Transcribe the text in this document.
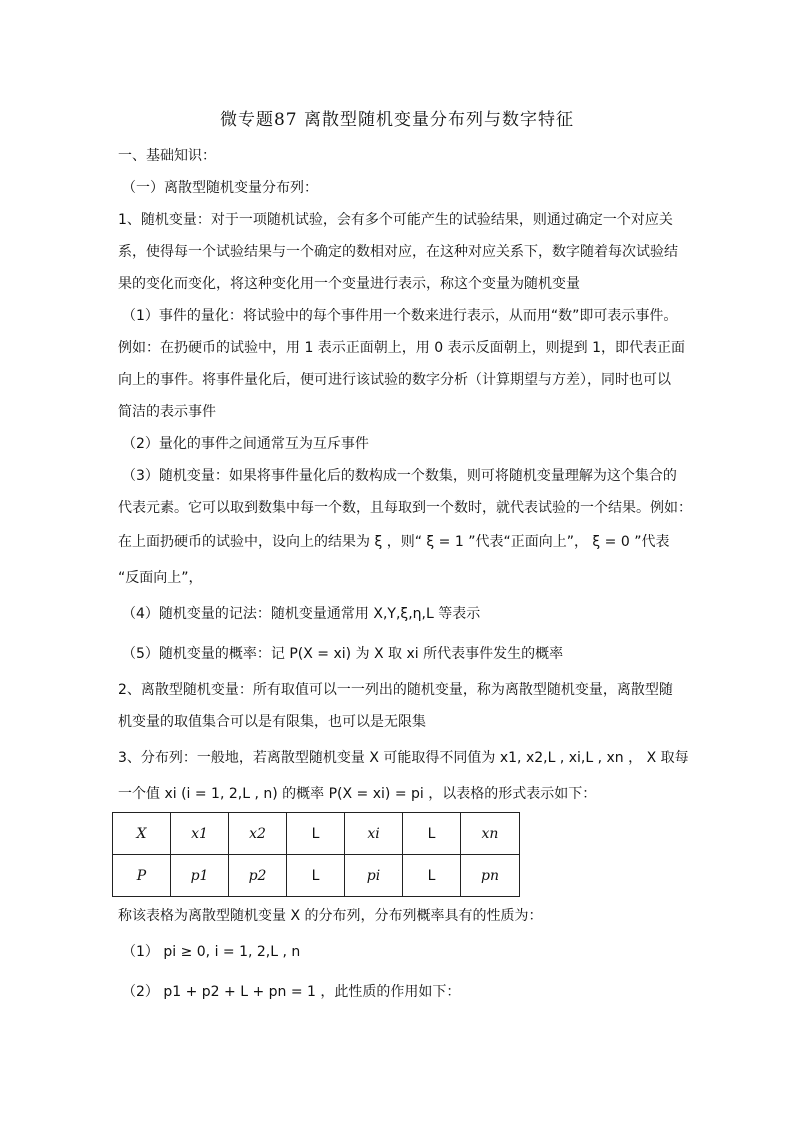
微专题87 离散型随机变量分布列与数字特征
一、基础知识：
（一）离散型随机变量分布列：
1、随机变量：对于一项随机试验，会有多个可能产生的试验结果，则通过确定一个对应关
系，使得每一个试验结果与一个确定的数相对应，在这种对应关系下，数字随着每次试验结
果的变化而变化，将这种变化用一个变量进行表示，称这个变量为随机变量
（1）事件的量化：将试验中的每个事件用一个数来进行表示，从而用“数”即可表示事件。
例如：在扔硬币的试验中，用 1 表示正面朝上，用 0 表示反面朝上，则提到 1，即代表正面
向上的事件。将事件量化后，便可进行该试验的数字分析（计算期望与方差），同时也可以
简洁的表示事件
（2）量化的事件之间通常互为互斥事件
（3）随机变量：如果将事件量化后的数构成一个数集，则可将随机变量理解为这个集合的
代表元素。它可以取到数集中每一个数，且每取到一个数时，就代表试验的一个结果。例如：
在上面扔硬币的试验中，设向上的结果为 ξ ，则“ ξ = 1 ”代表“正面向上”， ξ = 0 ”代表
“反面向上”，
（4）随机变量的记法：随机变量通常用 X,Y,ξ,η,L 等表示
（5）随机变量的概率：记 P(X = xi) 为 X 取 xi 所代表事件发生的概率
2、离散型随机变量：所有取值可以一一列出的随机变量，称为离散型随机变量，离散型随
机变量的取值集合可以是有限集，也可以是无限集
3、分布列：一般地，若离散型随机变量 X 可能取得不同值为 x1, x2,L , xi,L , xn ， X 取每
一个值 xi (i = 1, 2,L , n) 的概率 P(X = xi) = pi ，以表格的形式表示如下：
X	x1	x2	L	xi	L	xn
P	p1	p2	L	pi	L	pn
称该表格为离散型随机变量 X 的分布列，分布列概率具有的性质为：
（1） pi ≥ 0, i = 1, 2,L , n
（2） p1 + p2 + L + pn = 1 ，此性质的作用如下：
